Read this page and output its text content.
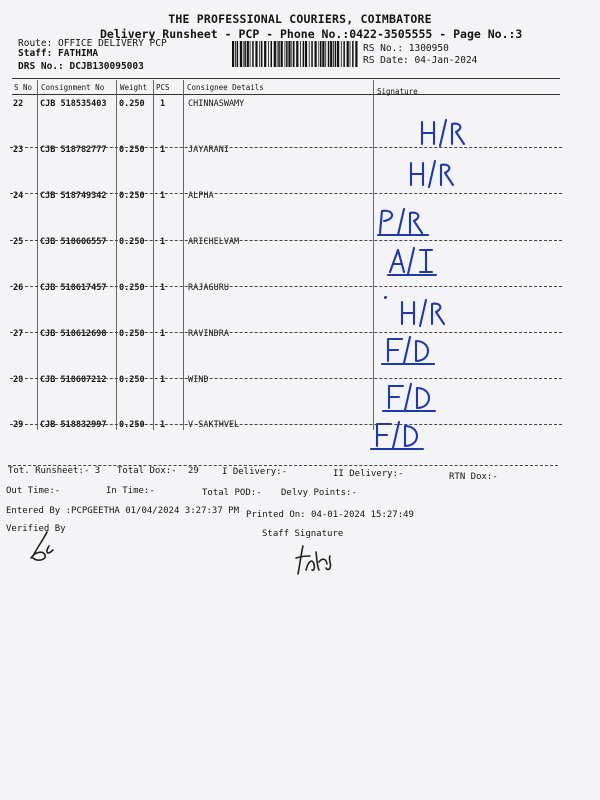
THE PROFESSIONAL COURIERS, COIMBATORE
Delivery Runsheet - PCP - Phone No.:0422-3505555 - Page No.:3
Route: OFFICE DELIVERY PCP
Staff: FATHIMA
DRS No.: DCJB130095003
RS No.: 1300950
RS Date: 04-Jan-2024
S No Consignment No Weight PCS Consignee Details	Signature
22 CJB 518535403 0.250 1	CHINNASWAMY
23 CJB 518782777 0.250 1	JAYARANI
24 CJB 518749342 0.250 1	ALPHA
25 CJB 518606557 0.250 1	ARICHELVAM
26 CJB 518617457 0.250 1	RAJAGURU
27 CJB 518612698 0.250 1	RAVINDRA
28 CJB 518687212 0.250 1	WIND
29 CJB 518832997 0.250 1	V SAKTHVEL
Tot. Runsheet:- 3 Total Dox:- 29	I Delivery:-	II Delivery:-	RTN Dox:-
Out Time:-	In Time:-	Total POD:- Delvy Points:-
Entered By :PCPGEETHA 01/04/2024 3:27:37 PM Printed On: 04-01-2024 15:27:49
Verified By	Staff Signature
